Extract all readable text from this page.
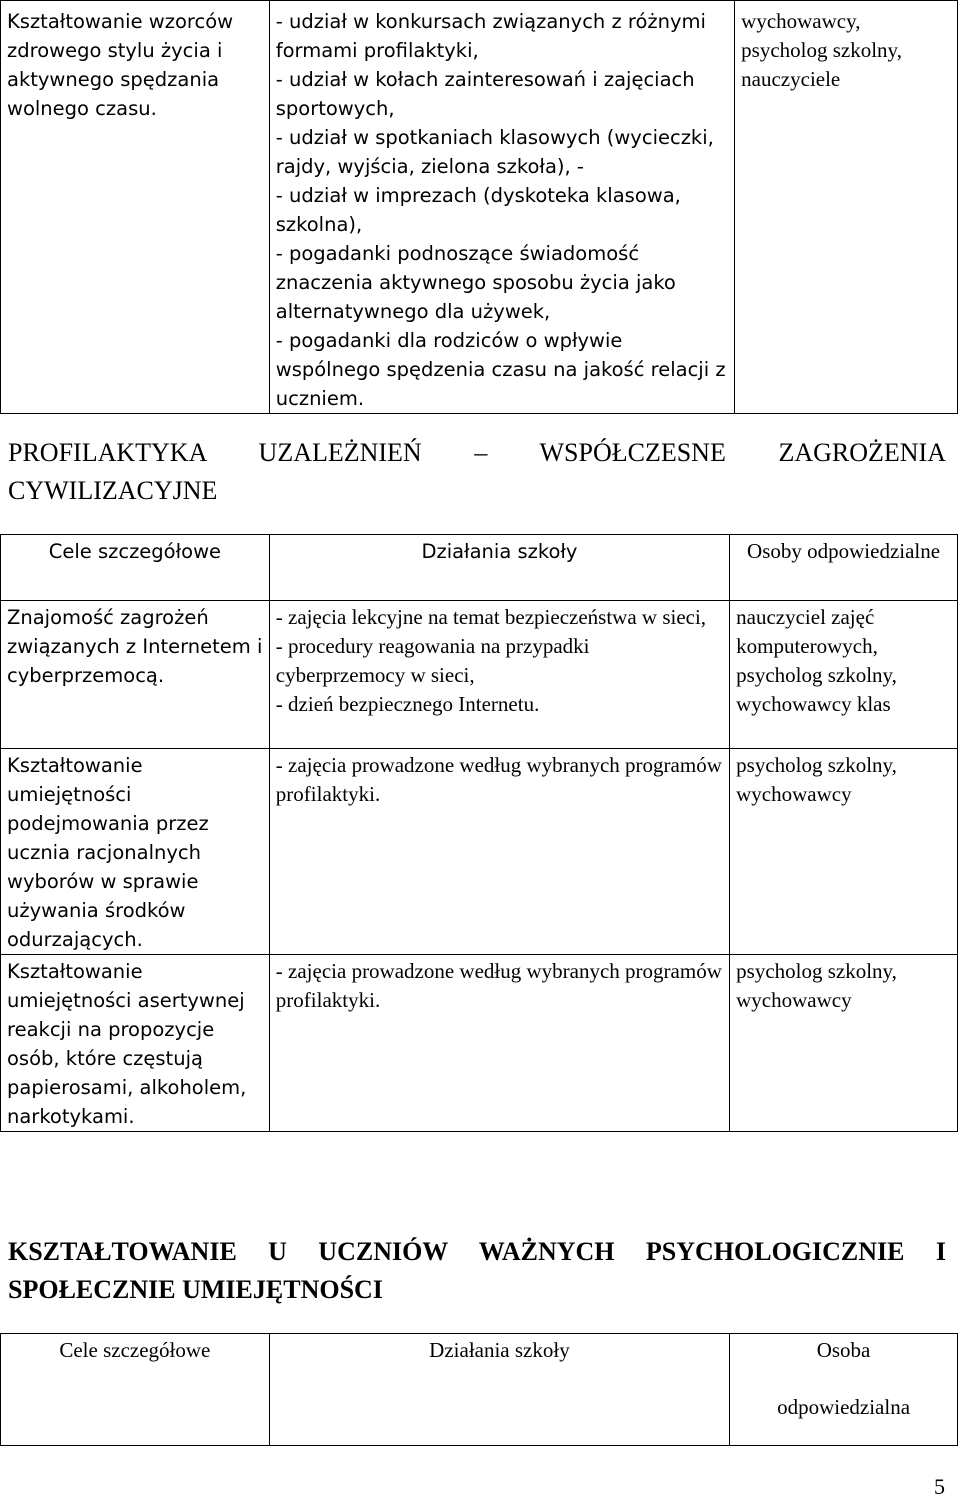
Kształtowanie wzorców zdrowego stylu życia i aktywnego spędzania wolnego czasu.	- udział w konkursach związanych z różnymi formami profilaktyki,
- udział w kołach zainteresowań i zajęciach sportowych,
- udział w spotkaniach klasowych (wycieczki, rajdy, wyjścia, zielona szkoła), -
- udział w imprezach (dyskoteka klasowa, szkolna),
- pogadanki podnoszące świadomość znaczenia aktywnego sposobu życia jako alternatywnego dla używek,
- pogadanki dla rodziców o wpływie wspólnego spędzenia czasu na jakość relacji z uczniem.	wychowawcy, psycholog szkolny, nauczyciele
PROFILAKTYKA UZALEŻNIEŃ – WSPÓŁCZESNE ZAGROŻENIA CYWILIZACYJNE
Cele szczegółowe	Działania szkoły	Osoby odpowiedzialne
Znajomość zagrożeń związanych z Internetem i cyberprzemocą.	- zajęcia lekcyjne na temat bezpieczeństwa w sieci,
- procedury reagowania na przypadki cyberprzemocy w sieci,
- dzień bezpiecznego Internetu.	nauczyciel zajęć komputerowych, psycholog szkolny, wychowawcy klas
Kształtowanie umiejętności podejmowania przez ucznia racjonalnych wyborów w sprawie używania środków odurzających.	- zajęcia prowadzone według wybranych programów profilaktyki.	psycholog szkolny, wychowawcy
Kształtowanie umiejętności asertywnej reakcji na propozycje osób, które częstują papierosami, alkoholem, narkotykami.	- zajęcia prowadzone według wybranych programów profilaktyki.	psycholog szkolny, wychowawcy
KSZTAŁTOWANIE U UCZNIÓW WAŻNYCH PSYCHOLOGICZNIE I SPOŁECZNIE UMIEJĘTNOŚCI
Cele szczegółowe	Działania szkoły	Osoba
odpowiedzialna
5
